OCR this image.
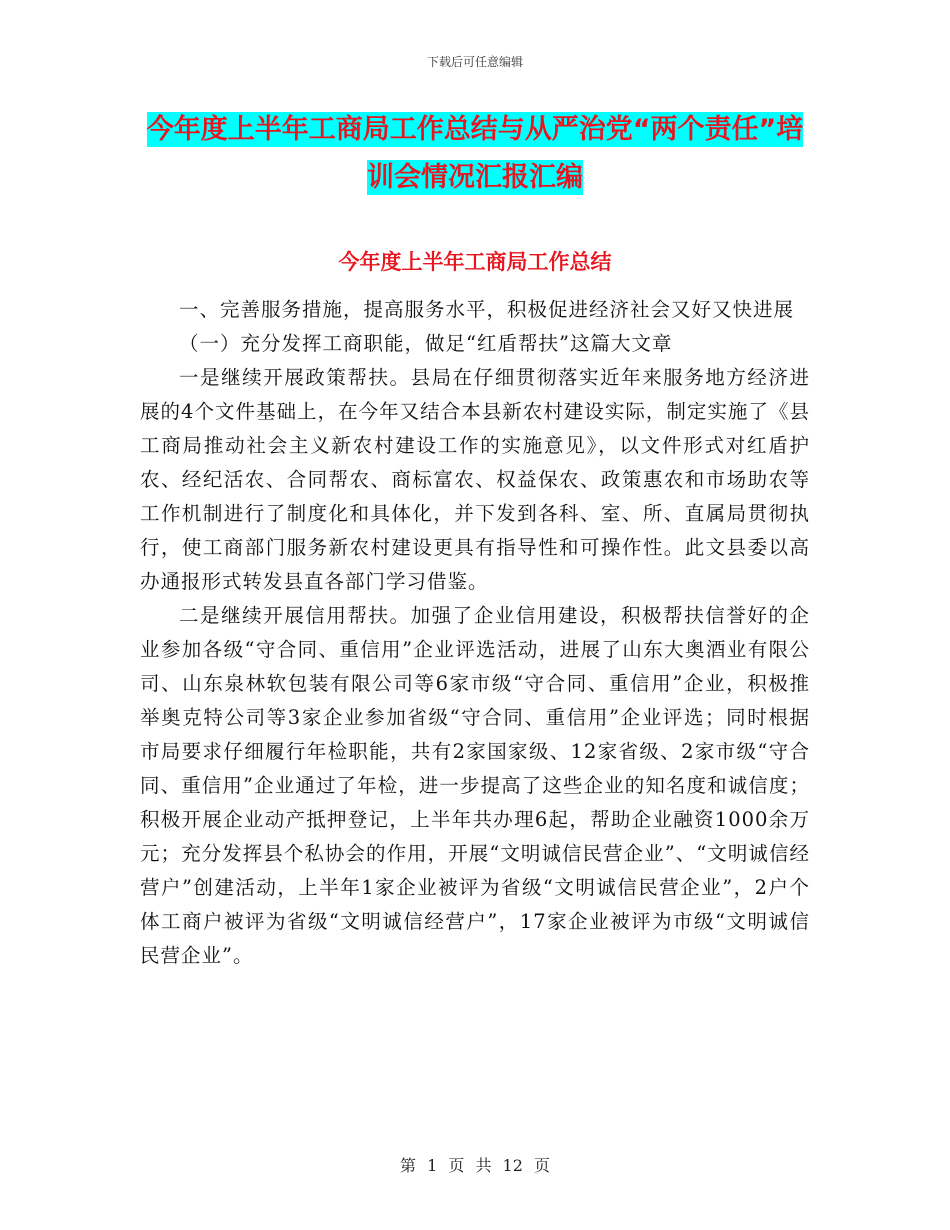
下载后可任意编辑
今年度上半年工商局工作总结与从严治党“两个责任”培训会情况汇报汇编
今年度上半年工商局工作总结

一、完善服务措施，提高服务水平，积极促进经济社会又好又快进展

（一）充分发挥工商职能，做足“红盾帮扶”这篇大文章

一是继续开展政策帮扶。县局在仔细贯彻落实近年来服务地方经济进展的4个文件基础上，在今年又结合本县新农村建设实际，制定实施了《县工商局推动社会主义新农村建设工作的实施意见》，以文件形式对红盾护农、经纪活农、合同帮农、商标富农、权益保农、政策惠农和市场助农等工作机制进行了制度化和具体化，并下发到各科、室、所、直属局贯彻执行，使工商部门服务新农村建设更具有指导性和可操作性。此文县委以高办通报形式转发县直各部门学习借鉴。

二是继续开展信用帮扶。加强了企业信用建设，积极帮扶信誉好的企业参加各级“守合同、重信用”企业评选活动，进展了山东大奥酒业有限公司、山东泉林软包装有限公司等6家市级“守合同、重信用”企业，积极推举奥克特公司等3家企业参加省级“守合同、重信用”企业评选；同时根据市局要求仔细履行年检职能，共有2家国家级、12家省级、2家市级“守合同、重信用”企业通过了年检，进一步提高了这些企业的知名度和诚信度；积极开展企业动产抵押登记，上半年共办理6起，帮助企业融资1000余万元；充分发挥县个私协会的作用，开展“文明诚信民营企业”、“文明诚信经营户”创建活动，上半年1家企业被评为省级“文明诚信民营企业”，2户个体工商户被评为省级“文明诚信经营户”，17家企业被评为市级“文明诚信民营企业”。

第 1 页 共 12 页
